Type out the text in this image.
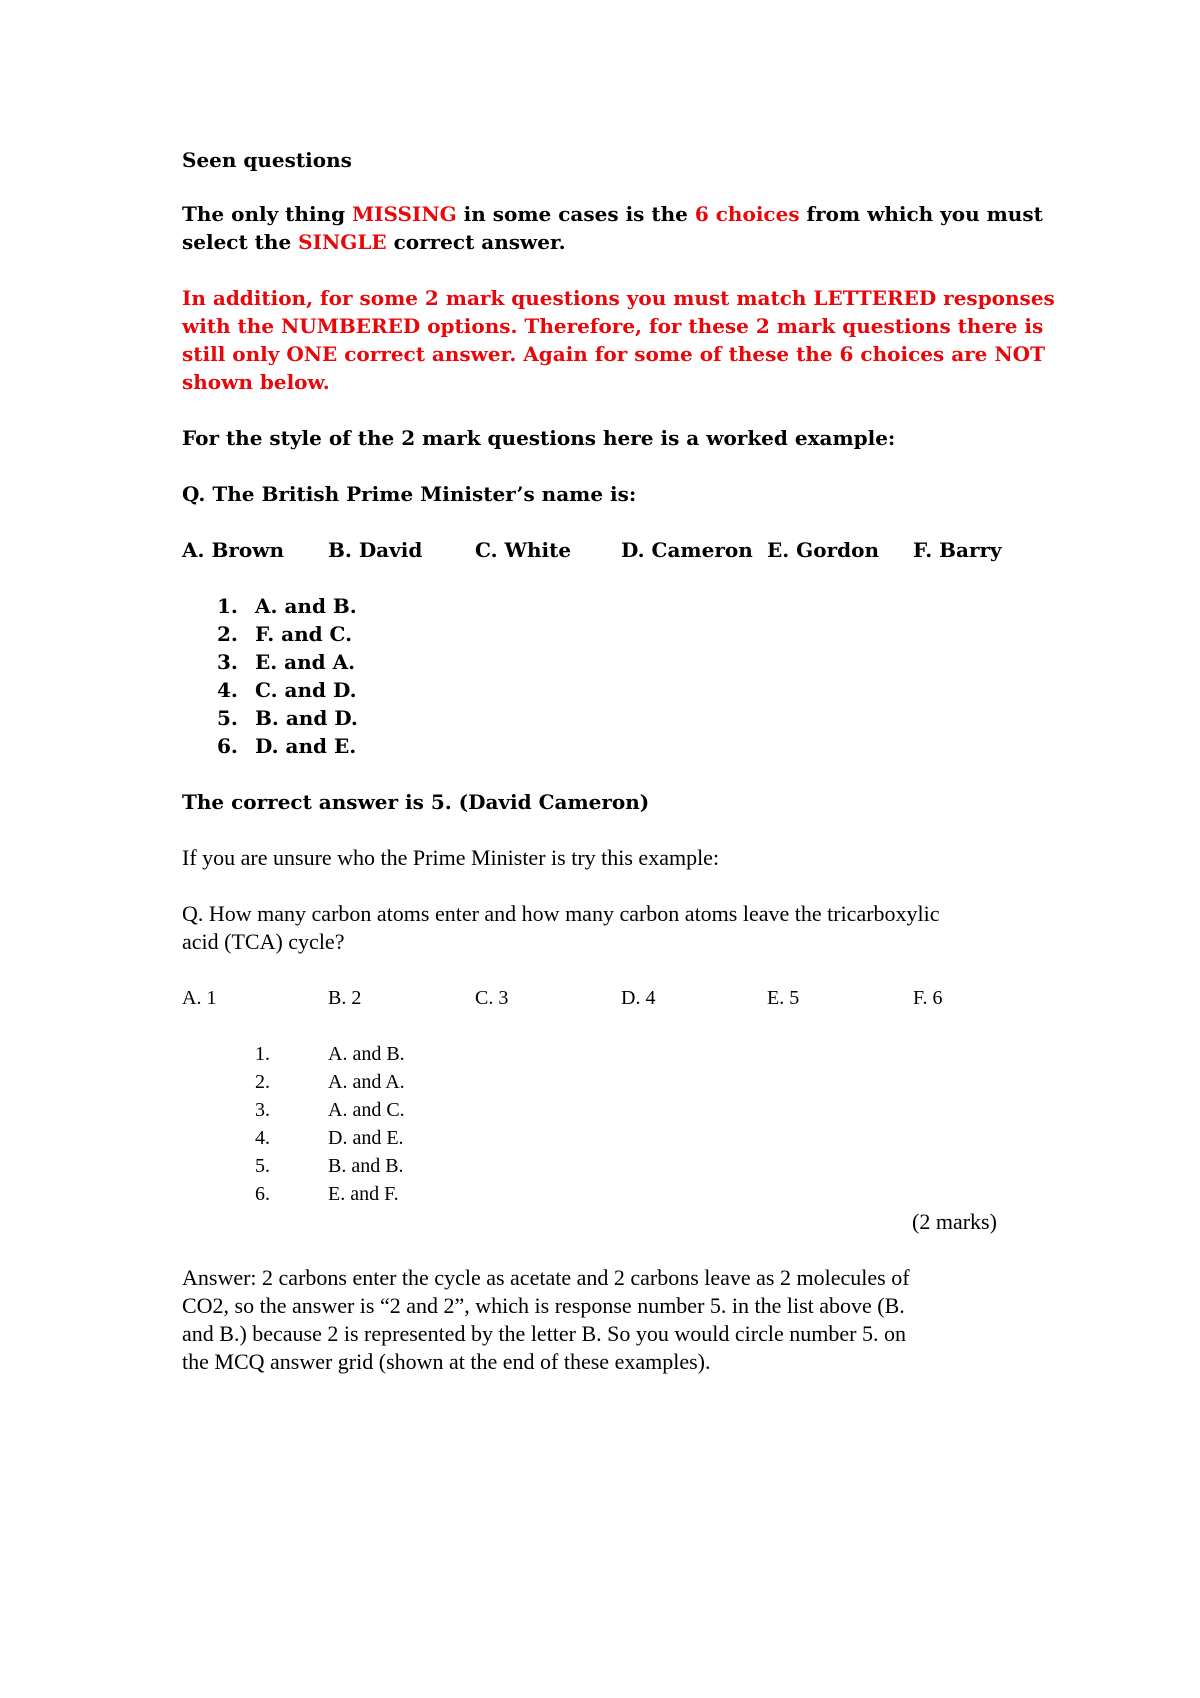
Seen questions
The only thing MISSING in some cases is the 6 choices from which you must
select the SINGLE correct answer.
In addition, for some 2 mark questions you must match LETTERED responses
with the NUMBERED options. Therefore, for these 2 mark questions there is
still only ONE correct answer. Again for some of these the 6 choices are NOT
shown below.
For the style of the 2 mark questions here is a worked example:
Q. The British Prime Minister’s name is:
A. Brown B. David	C. White D. Cameron E. Gordon F. Barry
1. A. and B.
2. F. and C.
3. E. and A.
4. C. and D.
5. B. and D.
6. D. and E.
The correct answer is 5. (David Cameron)
If you are unsure who the Prime Minister is try this example:
Q. How many carbon atoms enter and how many carbon atoms leave the tricarboxylic
acid (TCA) cycle?
A. 1	B. 2	C. 3	D. 4	E. 5	F. 6
1.	A. and B.
2.	A. and A.
3.	A. and C.
4.	D. and E.
5.	B. and B.
6.	E. and F.
(2 marks)
Answer: 2 carbons enter the cycle as acetate and 2 carbons leave as 2 molecules of
CO2, so the answer is “2 and 2”, which is response number 5. in the list above (B.
and B.) because 2 is represented by the letter B. So you would circle number 5. on
the MCQ answer grid (shown at the end of these examples).
